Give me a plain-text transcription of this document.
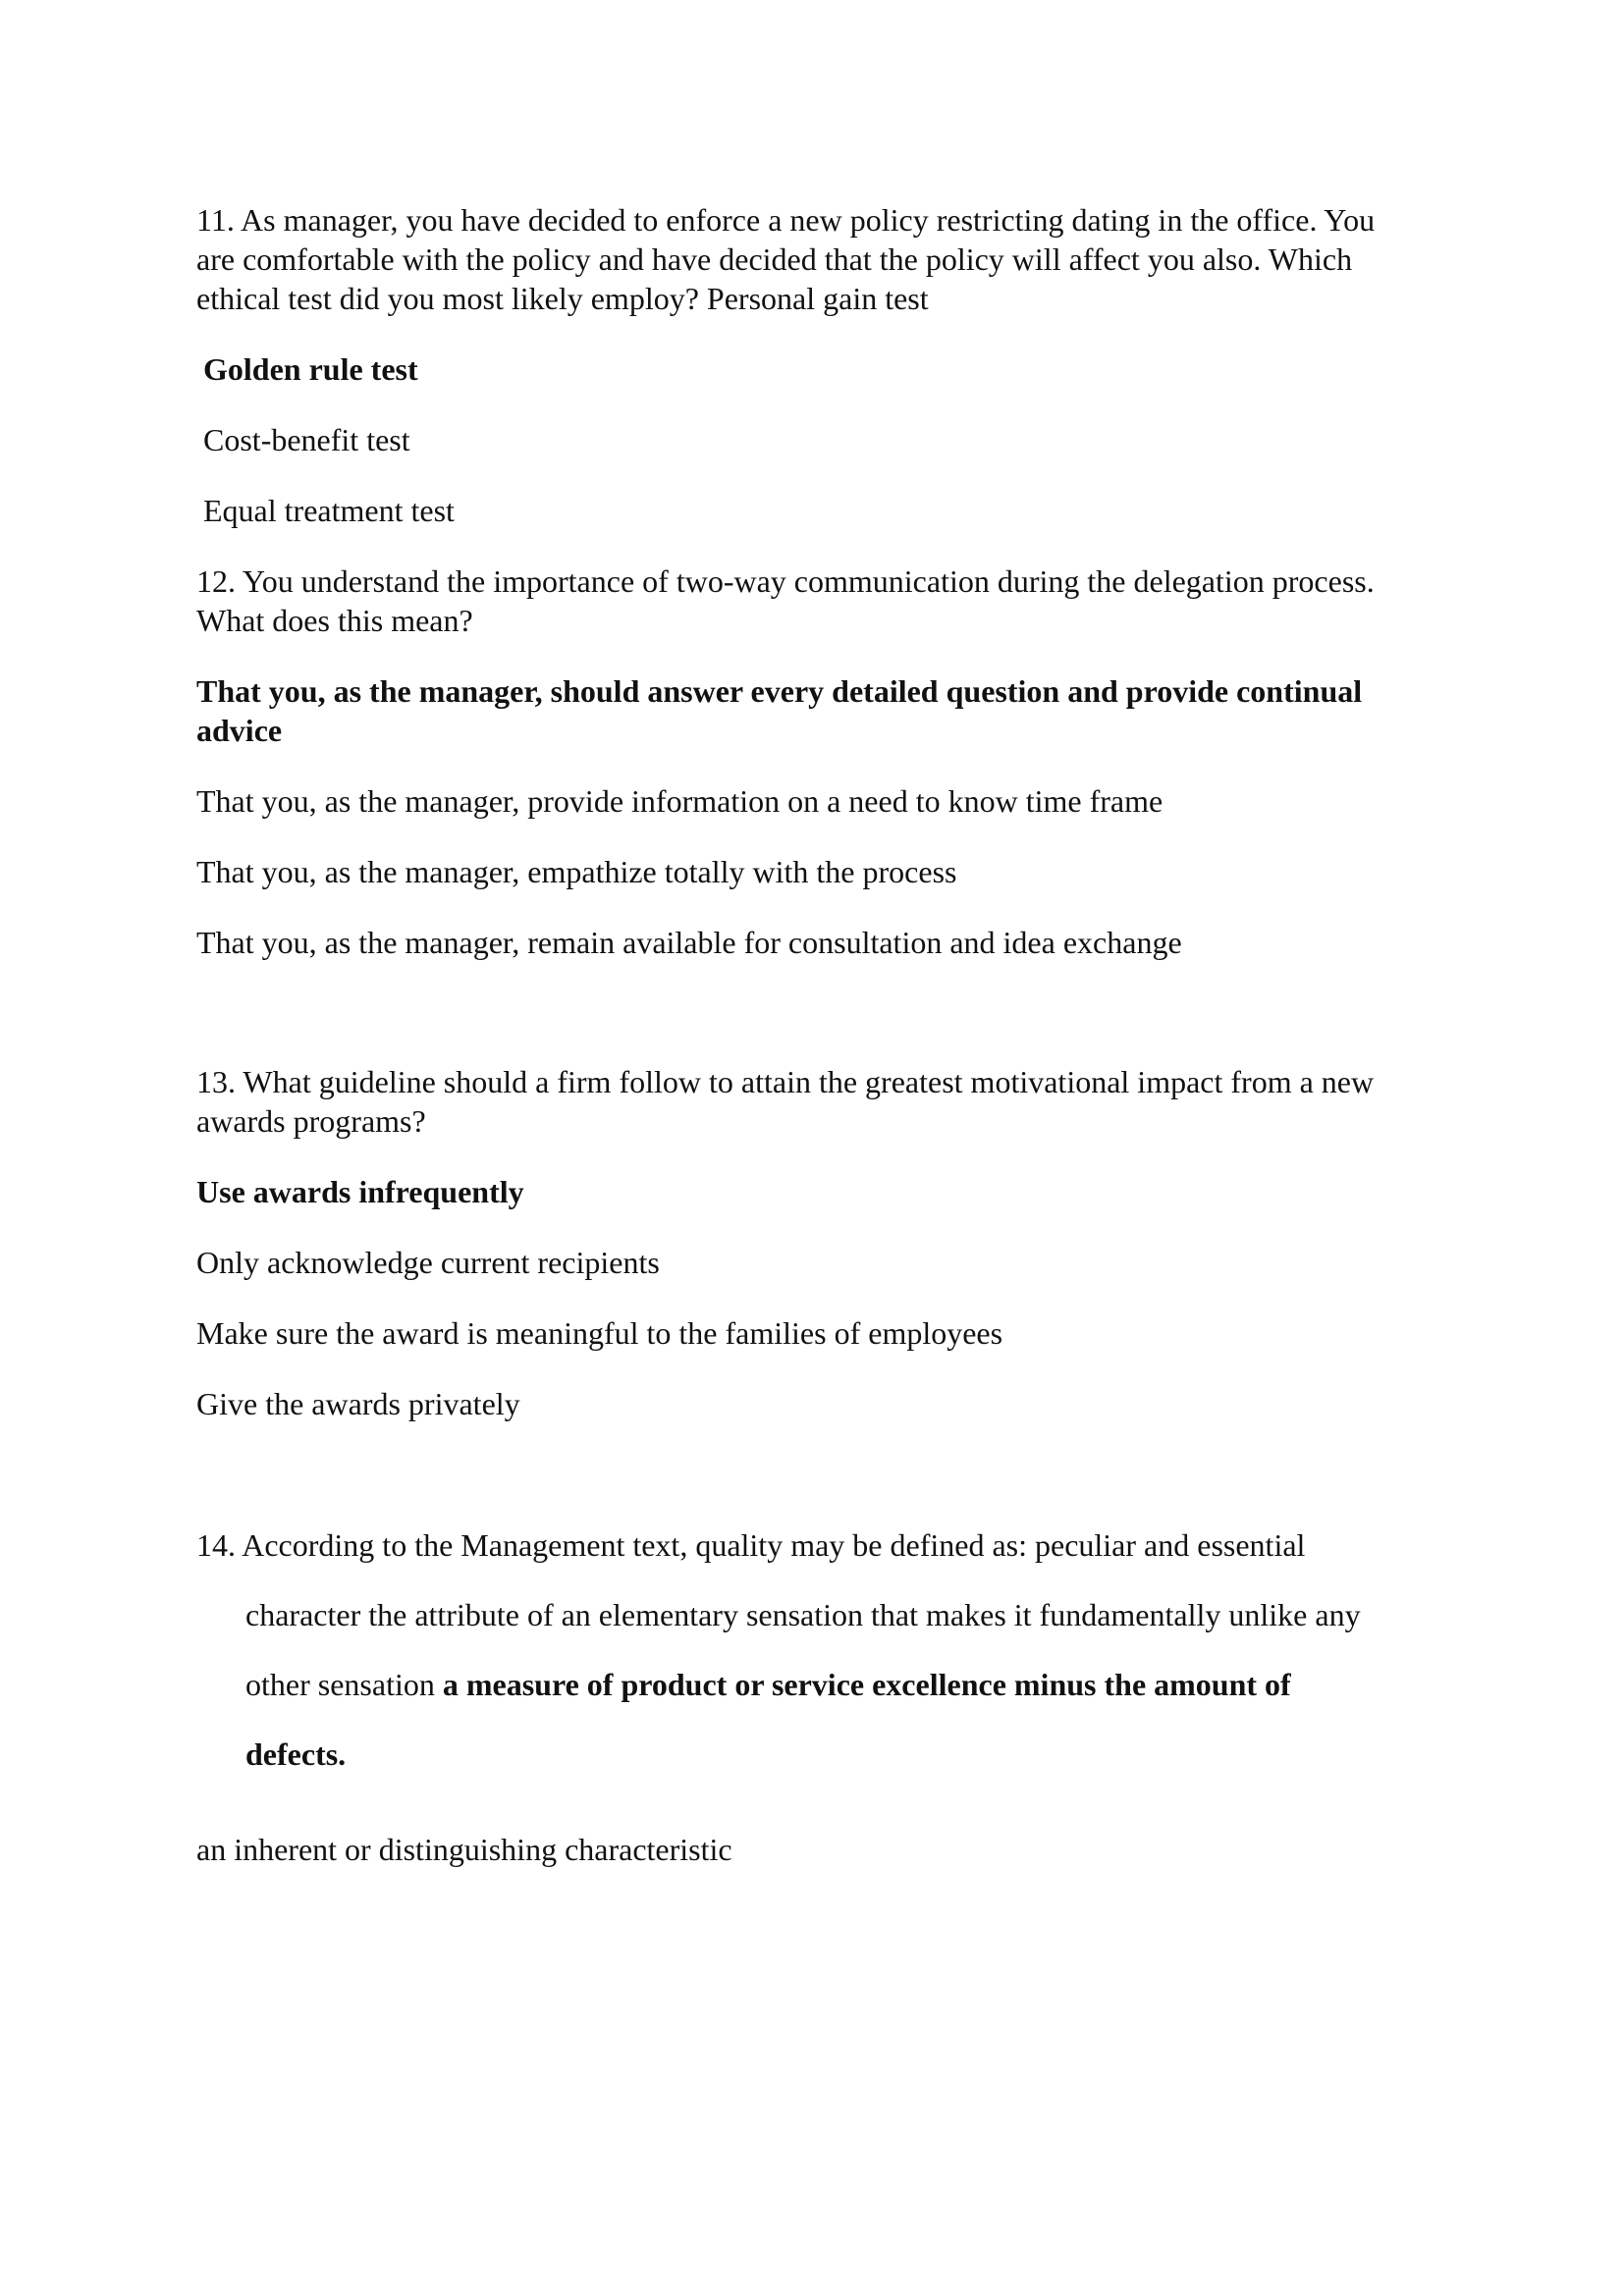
11. As manager, you have decided to enforce a new policy restricting dating in the office. You

are comfortable with the policy and have decided that the policy will affect you also. Which

ethical test did you most likely employ? Personal gain test

Golden rule test

Cost-benefit test

Equal treatment test

12. You understand the importance of two-way communication during the delegation process.

What does this mean?

That you, as the manager, should answer every detailed question and provide continual

advice

That you, as the manager, provide information on a need to know time frame

That you, as the manager, empathize totally with the process

That you, as the manager, remain available for consultation and idea exchange

13. What guideline should a firm follow to attain the greatest motivational impact from a new

awards programs?

Use awards infrequently

Only acknowledge current recipients

Make sure the award is meaningful to the families of employees

Give the awards privately

14. According to the Management text, quality may be defined as: peculiar and essential

character the attribute of an elementary sensation that makes it fundamentally unlike any

other sensation a measure of product or service excellence minus the amount of

defects.

an inherent or distinguishing characteristic
